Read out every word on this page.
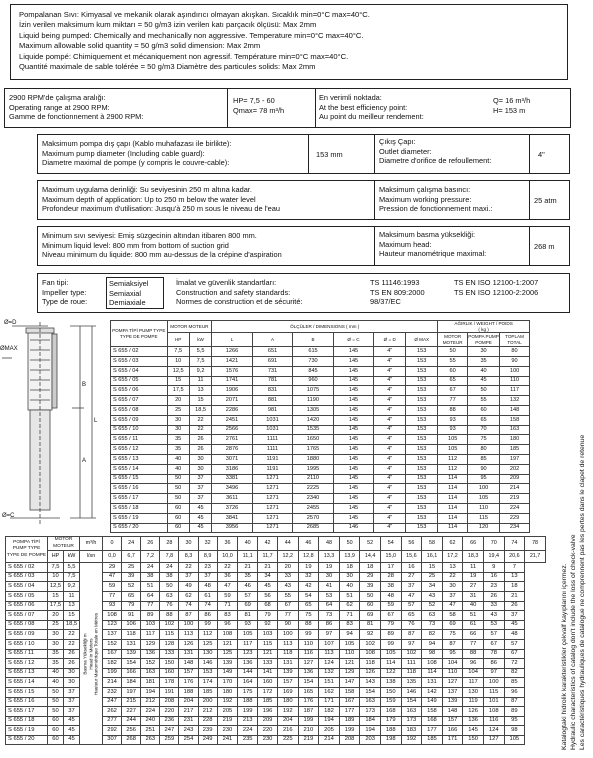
Pompalanan Sıvı: Kimyasal ve mekanik olarak aşındırıcı olmayan akışkan. Sıcaklık min=0°C max=40°C.
İzin verilen maksimum kum miktarı = 50 g/m3 izin verilen katı parçacık ölçüsü: Max 2mm
Liquid being pumped: Chemically and mechanically non aggressive. Temperature min=0°C max=40°C.
Maximum allowable solid quantity = 50 g/m3 solid dimension: Max 2mm
Liquide pompé: Chimiquement et mécaniquement non agressif. Température min=0°C max=40°C.
Quantité maximale de sable tolérée = 50 g/m3 Diamètre des particules solids: Max 2mm
2900 RPM'de çalışma aralığı:
Operating range at 2900 RPM:
Gamme de fonctionnement à 2900 RPM:
HP= 7,5 - 60
Qmax= 78 m³/h
En verimli noktada:
At the best efficiency point:
Au point du meilleur rendement:
Q= 16 m³/h
H= 153 m
Maksimum pompa dış çapı (Kablo muhafazası ile birlikte):
Maximum pump diameter (Including cable guard):
Diametre maximal de pompe (y compris le couvre-cable):
153 mm
Çıkış Çapı:
Outlet diameter:
Diametre d'orifice de refoullement:
4"
Maximum uygulama derinliği: Su seviyesinin 250 m altına kadar.
Maximum depth of application: Up to 250 m below the water level
Profondeur maximum d'utilisation: Jusqu'à 250 m sous le niveau de l'eau
Maksimum çalışma basıncı:
Maximum working pressure:
Pression de fonctionnement maxi.:
25 atm
Minimum sıvı seviyesi: Emiş süzgecinin altından itibaren 800 mm.
Minimum liquid level: 800 mm from bottom of suction grid
Niveau minimum du liquide: 800 mm au-dessus de la crépine d'aspiration
Maksimum basma yüksekliği:
Maximum head:
Hauteur manométrique maximal:
268 m
Fan tipi:
Impeller type:
Type de roue:
Semiaksiyel
Semiaxial
Demiaxiale
İmalat ve güvenlik standartları:
Construction and safety standards:
Normes de construction et de sécurité:
TS 11146:1993
TS EN 809:2000
98/37/EC
TS EN ISO 12100-1:2007
TS EN ISO 12100-2:2006
Ø=D
ØMAX
B
A
L
Ø=C
POMPA TİPİ PUMP TYPE TYPE DE POMPE	MOTOR MOTEUR		ÖLÇÜLER / DIMENSIONS ( mm )						AĞIRLIK / WEIGHT / POIDS
( kg )		
	HP	kW	L	A	B	Ø = C	Ø = D	Ø MAX	MOTOR MOTEUR	POMPA PUMP POMPE	TOPLAM TOTAL
S 655 / 02	7,5	5,5	1266	651	615	145	4"	153	50	30	80
S 655 / 03	10	7,5	1421	691	730	145	4"	153	55	35	90
S 655 / 04	12,5	9,2	1576	731	845	145	4"	153	60	40	100
S 655 / 05	15	11	1741	781	960	145	4"	153	65	45	110
S 655 / 06	17,5	13	1906	831	1075	145	4"	153	67	50	117
S 655 / 07	20	15	2071	881	1190	145	4"	153	77	55	132
S 655 / 08	25	18,5	2286	981	1305	145	4"	153	88	60	148
S 655 / 09	30	22	2451	1031	1420	145	4"	153	93	65	158
S 655 / 10	30	22	2566	1031	1535	145	4"	153	93	70	163
S 655 / 11	35	26	2761	1111	1650	145	4"	153	105	75	180
S 655 / 12	35	26	2876	1111	1765	145	4"	153	105	80	185
S 655 / 13	40	30	3071	1191	1880	145	4"	153	112	85	197
S 655 / 14	40	30	3186	1191	1995	145	4"	153	112	90	202
S 655 / 15	50	37	3381	1271	2110	145	4"	153	114	95	209
S 655 / 16	50	37	3496	1271	2225	145	4"	153	114	100	214
S 655 / 17	50	37	3611	1271	2340	145	4"	153	114	105	219
S 655 / 18	60	45	3726	1271	2455	145	4"	153	114	110	224
S 655 / 19	60	45	3841	1271	2570	145	4"	153	114	115	229
S 655 / 20	60	45	3956	1271	2685	146	4"	153	114	120	234
POMPA TİPİ PUMP TYPE TYPE DE POMPE	MOTOR MOTEUR		m³/h	0	24	26	28	30	32	36	40	42	44	46	48	50	52	54	56	58	62	66	70	74	78
	HP	kW	l/sn	0,0	6,7	7,2	7,8	8,3	8,9	10,0	11,1	11,7	12,2	12,8	13,3	13,9	14,4	15,0	15,6	16,1	17,2	18,3	19,4	20,6	21,7
S 655 / 02	7,5	5,5	Basma Yüksekliği m Head in Meters Hauteur Manométrique Totale en Mètres	29	25	24	24	22	23	22	21	21	20	19	19	18	18	17	16	15	13	11	9	7	
S 655 / 03	10	7,5		47	39	38	38	37	37	36	35	34	33	32	30	30	29	28	27	25	22	19	16	13	
S 655 / 04	12,5	9,2		59	52	51	50	49	48	47	46	45	43	42	41	40	39	38	37	34	30	27	23	18	
S 655 / 05	15	11		77	65	64	63	62	61	59	57	56	55	54	53	51	50	48	47	43	37	31	26	21	
S 655 / 06	17,5	13		93	79	77	76	74	74	71	69	68	67	65	64	62	60	59	57	52	47	40	33	26	
S 655 / 07	20	15		108	91	89	88	87	86	83	81	79	77	75	73	71	69	67	65	63	58	51	43	37	
S 655 / 08	25	18,5		123	106	103	102	100	99	96	93	92	90	88	86	83	81	79	76	73	69	61	53	45	
S 655 / 09	30	22		137	118	117	115	113	112	108	105	103	100	99	97	94	92	89	87	82	75	66	57	48	
S 655 / 10	30	22		152	131	129	128	126	125	121	117	115	113	110	107	105	102	99	97	94	87	77	67	57	
S 655 / 11	35	26		167	139	136	133	131	130	125	123	121	118	116	113	110	108	105	102	98	95	88	78	67	
S 655 / 12	35	26		182	154	152	150	148	146	139	136	133	131	127	124	121	118	114	111	108	104	96	86	72	
S 655 / 13	40	30		199	166	163	160	157	153	149	144	141	139	136	132	129	126	122	118	114	110	104	97	82	
S 655 / 14	40	30		214	184	181	178	176	174	170	164	160	157	154	151	147	143	138	135	131	127	117	100	85	
S 655 / 15	50	37		232	197	194	191	188	185	180	175	172	169	165	162	158	154	150	146	142	137	130	115	96	
S 655 / 16	50	37		247	215	212	208	204	200	192	188	185	180	176	171	167	163	159	154	149	139	119	101	87	
S 655 / 17	50	37		262	227	224	220	217	212	205	199	196	192	187	182	177	173	168	163	158	148	126	108	89	
S 655 / 18	60	45		277	244	240	236	231	228	219	213	209	204	199	194	189	184	179	173	168	157	136	116	95	
S 655 / 19	60	45		292	256	251	247	243	239	230	224	220	216	210	205	199	194	188	183	177	166	145	124	98	
S 655 / 20	60	45		307	268	263	259	254	249	241	235	230	225	219	214	208	203	198	192	185	171	150	127	105		Katalogtaki hidrolik karakteristikler çekvalf kayıplarını içermez. Hydraulic characteristics of catalog don't include the loss of check-valve Les caractéristiques hydrauliques de catalogue ne comprennent pas les pertes dans le clapet de retenue
